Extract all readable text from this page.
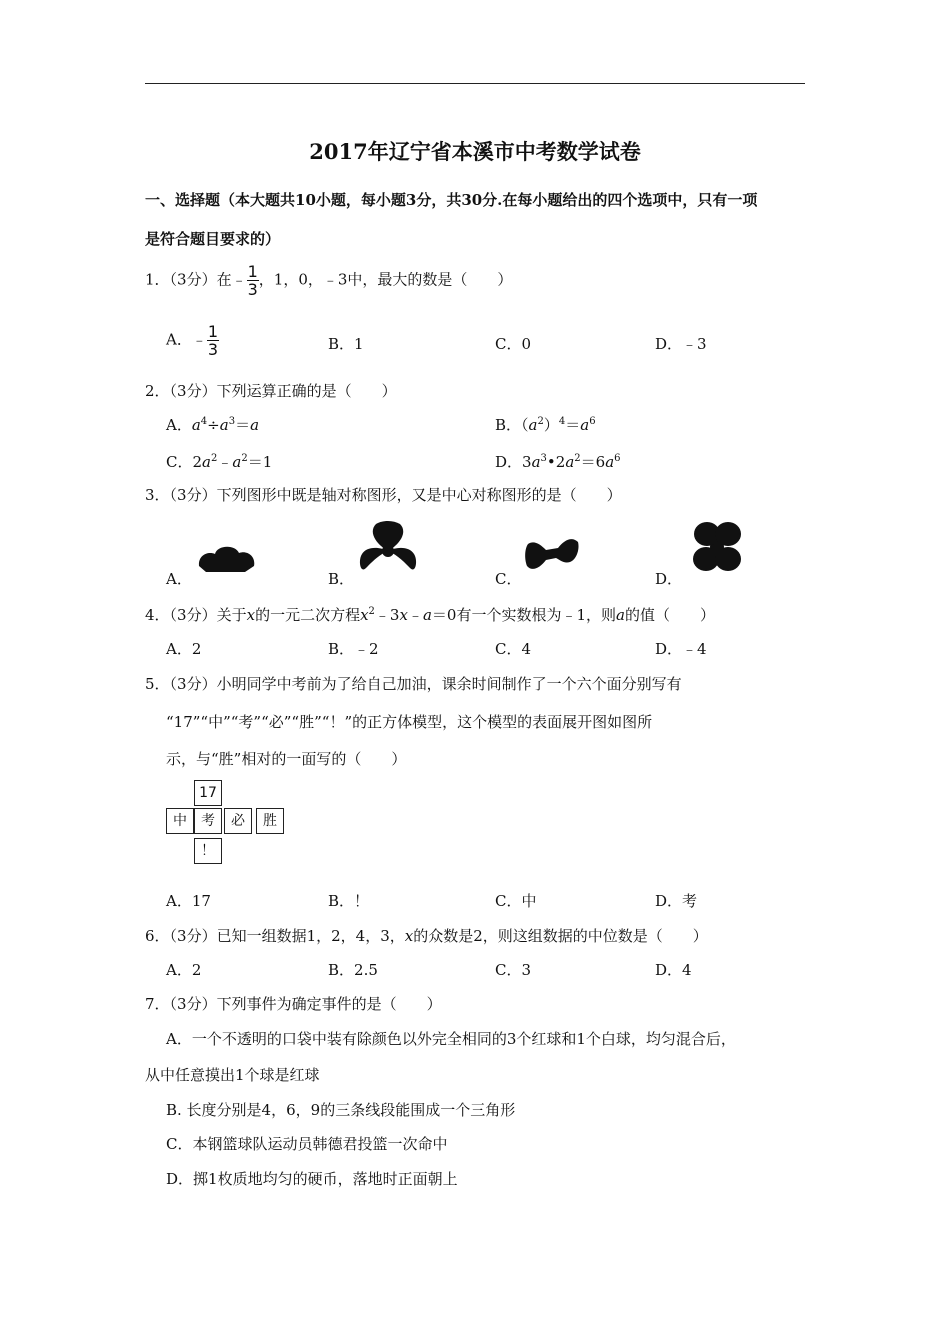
2017年辽宁省本溪市中考数学试卷
一、选择题（本大题共10小题，每小题3分，共30分.在每小题给出的四个选项中，只有一项
是符合题目要求的）
1．（3分）在﹣ $\frac{1}{3}$ ，1，0，﹣3中，最大的数是（　　）
A．﹣ $\frac{1}{3}$	B．1	C．0	D．﹣3
2．（3分）下列运算正确的是（　　）
A．$a^4\div a^3=a$	B．$(a^2)^4=a^6$
C．$2a^2﹣a^2=1$	D．$3a^3•2a^2=6a^6$
3．（3分）下列图形中既是轴对称图形，又是中心对称图形的是（　　）
A．	B．	C．	D．
4．（3分）关于x的一元二次方程$x^2﹣3x﹣a=0$有一个实数根为﹣1，则a的值（　　）
A．2	B．﹣2	C．4	D．﹣4
5．（3分）小明同学中考前为了给自己加油，课余时间制作了一个六个面分别写有
“17”“中”“考”“必”“胜”“！”的正方体模型，这个模型的表面展开图如图所
示，与“胜”相对的一面写的（　　）
17
中	考	必	胜
！
A．17	B．！	C．中	D．考
6．（3分）已知一组数据1，2，4，3，x的众数是2，则这组数据的中位数是（　　）
A．2	B．2.5	C．3	D．4
7．（3分）下列事件为确定事件的是（　　）
A．一个不透明的口袋中装有除颜色以外完全相同的3个红球和1个白球，均匀混合后，
从中任意摸出1个球是红球
B. 长度分别是4，6，9的三条线段能围成一个三角形
C．本钢篮球队运动员韩德君投篮一次命中
D．掷1枚质地均匀的硬币，落地时正面朝上
